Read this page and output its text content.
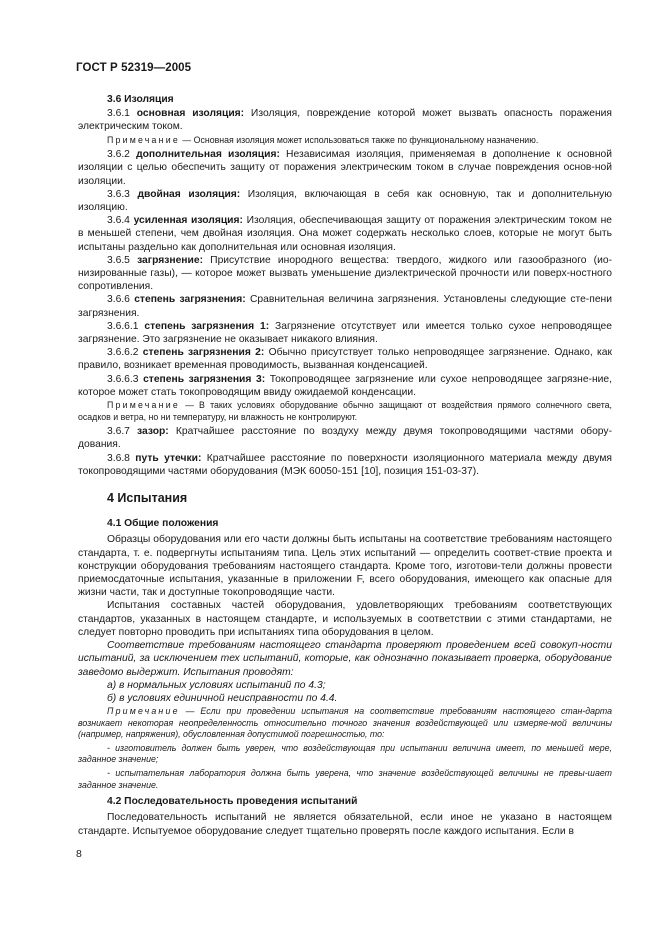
ГОСТ Р 52319—2005
3.6 Изоляция

3.6.1 основная изоляция: Изоляция, повреждение которой может вызвать опасность поражения электрическим током.

Примечание — Основная изоляция может использоваться также по функциональному назначению.

3.6.2 дополнительная изоляция: Независимая изоляция, применяемая в дополнение к основной изоляции с целью обеспечить защиту от поражения электрическим током в случае повреждения основ-ной изоляции.

3.6.3 двойная изоляция: Изоляция, включающая в себя как основную, так и дополнительную изоляцию.

3.6.4 усиленная изоляция: Изоляция, обеспечивающая защиту от поражения электрическим током не в меньшей степени, чем двойная изоляция. Она может содержать несколько слоев, которые не могут быть испытаны раздельно как дополнительная или основная изоляция.

3.6.5 загрязнение: Присутствие инородного вещества: твердого, жидкого или газообразного (ио-низированные газы), — которое может вызвать уменьшение диэлектрической прочности или поверх-ностного сопротивления.

3.6.6 степень загрязнения: Сравнительная величина загрязнения. Установлены следующие сте-пени загрязнения.

3.6.6.1 степень загрязнения 1: Загрязнение отсутствует или имеется только сухое непроводящее загрязнение. Это загрязнение не оказывает никакого влияния.

3.6.6.2 степень загрязнения 2: Обычно присутствует только непроводящее загрязнение. Однако, как правило, возникает временная проводимость, вызванная конденсацией.

3.6.6.3 степень загрязнения 3: Токопроводящее загрязнение или сухое непроводящее загрязне-ние, которое может стать токопроводящим ввиду ожидаемой конденсации.

Примечание — В таких условиях оборудование обычно защищают от воздействия прямого солнечного света, осадков и ветра, но ни температуру, ни влажность не контролируют.

3.6.7 зазор: Кратчайшее расстояние по воздуху между двумя токопроводящими частями обору-дования.

3.6.8 путь утечки: Кратчайшее расстояние по поверхности изоляционного материала между двумя токопроводящими частями оборудования (МЭК 60050-151 [10], позиция 151-03-37).

4 Испытания
4.1 Общие положения

Образцы оборудования или его части должны быть испытаны на соответствие требованиям настоящего стандарта, т. е. подвергнуты испытаниям типа. Цель этих испытаний — определить соответ-ствие проекта и конструкции оборудования требованиям настоящего стандарта. Кроме того, изготови-тели должны провести приемосдаточные испытания, указанные в приложении F, всего оборудования, имеющего как опасные для жизни части, так и доступные токопроводящие части.

Испытания составных частей оборудования, удовлетворяющих требованиям соответствующих стандартов, указанных в настоящем стандарте, и используемых в соответствии с этими стандартами, не следует повторно проводить при испытаниях типа оборудования в целом.

Соответствие требованиям настоящего стандарта проверяют проведением всей совокуп-ности испытаний, за исключением тех испытаний, которые, как однозначно показывает проверка, оборудование заведомо выдержит. Испытания проводят:

а) в нормальных условиях испытаний по 4.3;
б) в условиях единичной неисправности по 4.4.

Примечание — Если при проведении испытания на соответствие требованиям настоящего стан-дарта возникает некоторая неопределенность относительно точного значения воздействующей или измеряе-мой величины (например, напряжения), обусловленная допустимой погрешностью, то:

- изготовитель должен быть уверен, что воздействующая при испытании величина имеет, по меньшей мере, заданное значение;

- испытательная лаборатория должна быть уверена, что значение воздействующей величины не превы-шает заданное значение.

4.2 Последовательность проведения испытаний

Последовательность испытаний не является обязательной, если иное не указано в настоящем стандарте. Испытуемое оборудование следует тщательно проверять после каждого испытания. Если в

8
